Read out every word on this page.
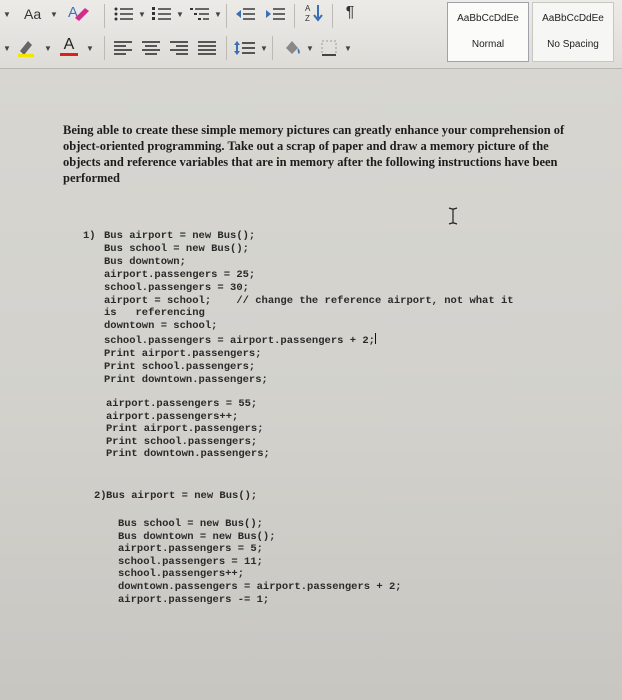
▼ Aa ▼ A	▼	▼	▼
A
Z ¶
▼	▼ A ▼	▼	▼	▼
AaBbCcDdEe
Normal
AaBbCcDdEe
No Spacing
Being able to create these simple memory pictures can greatly enhance your comprehension of object-oriented programming. Take out a scrap of paper and draw a memory picture of the objects and reference variables that are in memory after the following instructions have been performed
1) Bus airport = new Bus();
Bus school = new Bus();
Bus downtown;
airport.passengers = 25;
school.passengers = 30;
airport = school;    // change the reference airport, not what it
is   referencing
downtown = school;
school.passengers = airport.passengers + 2;
Print airport.passengers;
Print school.passengers;
Print downtown.passengers;
airport.passengers = 55;
airport.passengers++;
Print airport.passengers;
Print school.passengers;
Print downtown.passengers;
2) Bus airport = new Bus();
Bus school = new Bus();
Bus downtown = new Bus();
airport.passengers = 5;
school.passengers = 11;
school.passengers++;
downtown.passengers = airport.passengers + 2;
airport.passengers -= 1;
